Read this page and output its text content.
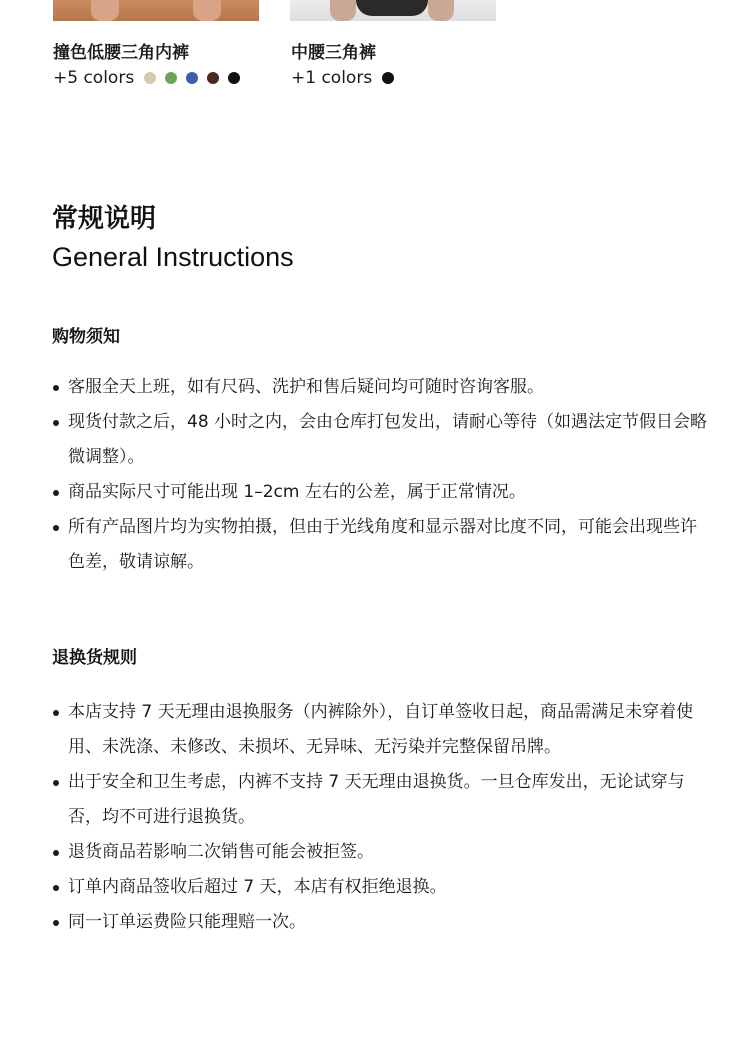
撞色低腰三角内裤
+5 colors
中腰三角裤
+1 colors
常规说明
General Instructions
购物须知
客服全天上班，如有尺码、洗护和售后疑问均可随时咨询客服。
现货付款之后，48 小时之内，会由仓库打包发出，请耐心等待（如遇法定节假日会略微调整）。
商品实际尺寸可能出现 1–2cm 左右的公差，属于正常情况。
所有产品图片均为实物拍摄，但由于光线角度和显示器对比度不同，可能会出现些许色差，敬请谅解。
退换货规则
本店支持 7 天无理由退换服务（内裤除外），自订单签收日起，商品需满足未穿着使用、未洗涤、未修改、未损坏、无异味、无污染并完整保留吊牌。
出于安全和卫生考虑，内裤不支持 7 天无理由退换货。一旦仓库发出，无论试穿与否，均不可进行退换货。
退货商品若影响二次销售可能会被拒签。
订单内商品签收后超过 7 天，本店有权拒绝退换。
同一订单运费险只能理赔一次。
